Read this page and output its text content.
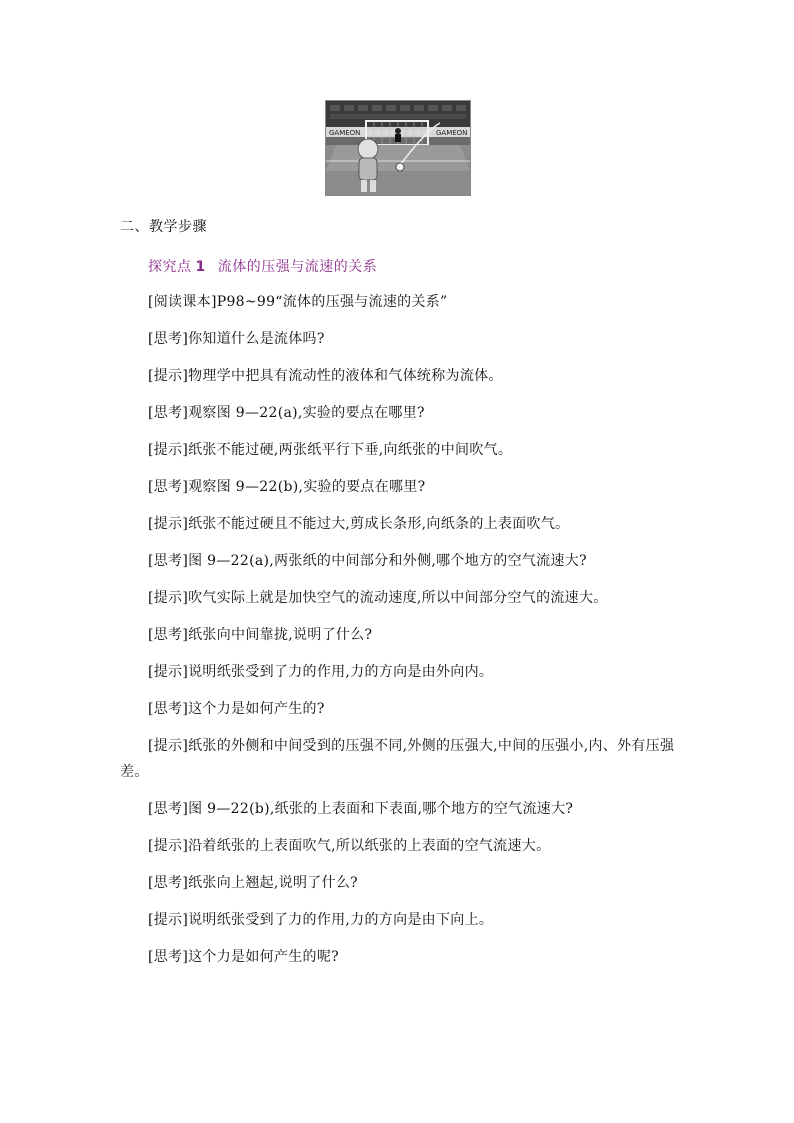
GAMEON	GAMEON
二、教学步骤
探究点 1 流体的压强与流速的关系
[阅读课本]P98~99“流体的压强与流速的关系”
[思考]你知道什么是流体吗?
[提示]物理学中把具有流动性的液体和气体统称为流体。
[思考]观察图 9—22(a),实验的要点在哪里?
[提示]纸张不能过硬,两张纸平行下垂,向纸张的中间吹气。
[思考]观察图 9—22(b),实验的要点在哪里?
[提示]纸张不能过硬且不能过大,剪成长条形,向纸条的上表面吹气。
[思考]图 9—22(a),两张纸的中间部分和外侧,哪个地方的空气流速大?
[提示]吹气实际上就是加快空气的流动速度,所以中间部分空气的流速大。
[思考]纸张向中间靠拢,说明了什么?
[提示]说明纸张受到了力的作用,力的方向是由外向内。
[思考]这个力是如何产生的?
[提示]纸张的外侧和中间受到的压强不同,外侧的压强大,中间的压强小,内、外有压强差。
[思考]图 9—22(b),纸张的上表面和下表面,哪个地方的空气流速大?
[提示]沿着纸张的上表面吹气,所以纸张的上表面的空气流速大。
[思考]纸张向上翘起,说明了什么?
[提示]说明纸张受到了力的作用,力的方向是由下向上。
[思考]这个力是如何产生的呢?
